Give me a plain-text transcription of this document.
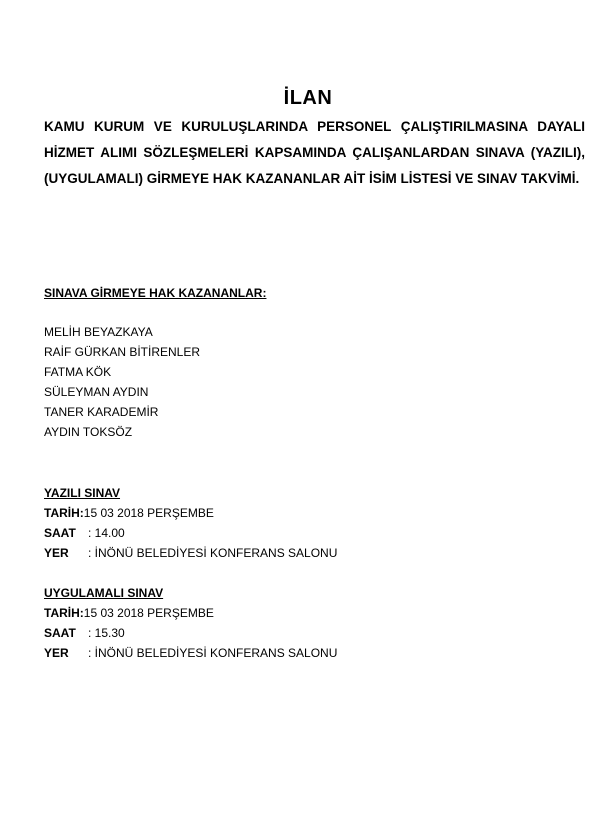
İLAN
KAMU KURUM VE KURULUŞLARINDA PERSONEL ÇALIŞTIRILMASINA DAYALI HİZMET ALIMI SÖZLEŞMELERİ KAPSAMINDA ÇALIŞANLARDAN SINAVA (YAZILI), (UYGULAMALI) GİRMEYE HAK KAZANANLAR AİT İSİM LİSTESİ VE SINAV TAKVİMİ.
SINAVA GİRMEYE HAK KAZANANLAR:
MELİH BEYAZKAYA
RAİF GÜRKAN BİTİRENLER
FATMA KÖK
SÜLEYMAN AYDIN
TANER KARADEMİR
AYDIN TOKSÖZ
YAZILI SINAV
TARİH:15 03 2018 PERŞEMBE
SAAT : 14.00
YER : İNÖNÜ BELEDİYESİ KONFERANS SALONU
UYGULAMALI SINAV
TARİH:15 03 2018 PERŞEMBE
SAAT : 15.30
YER : İNÖNÜ BELEDİYESİ KONFERANS SALONU
